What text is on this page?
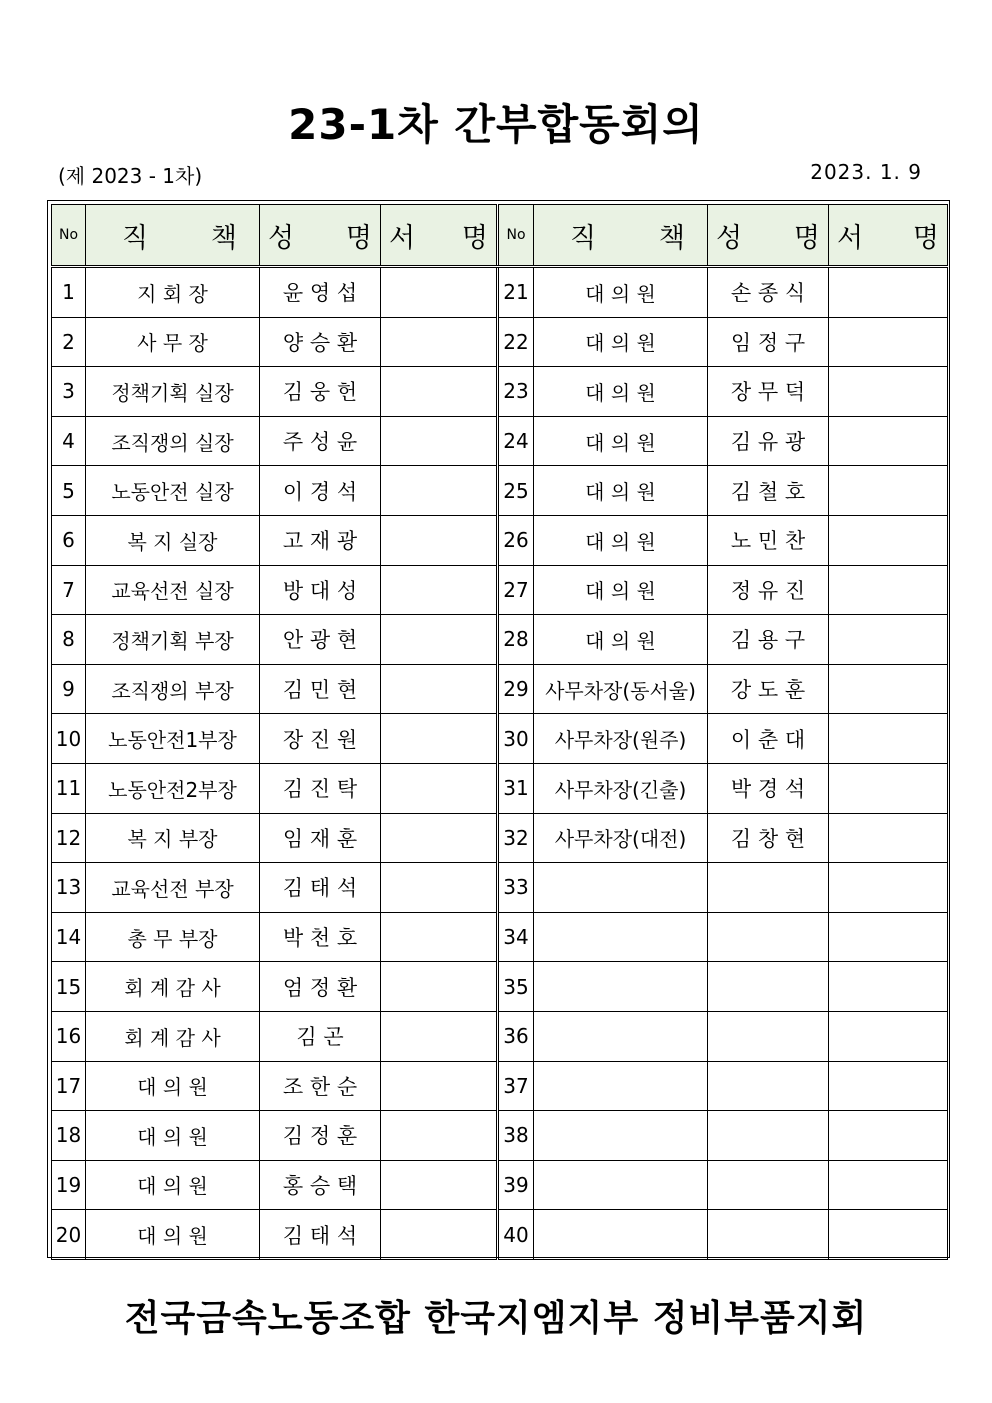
23-1차 간부합동회의
(제 2023 - 1차)	2023. 1. 9
No	직 책	성 명	서 명	No	직 책	성 명	서 명

1	지 회 장	윤 영 섭		21	대 의 원	손 종 식	
2	사 무 장	양 승 환		22	대 의 원	임 정 구	
3	정책기획 실장	김 웅 헌		23	대 의 원	장 무 덕	
4	조직쟁의 실장	주 성 윤		24	대 의 원	김 유 광	
5	노동안전 실장	이 경 석		25	대 의 원	김 철 호	
6	복 지 실장	고 재 광		26	대 의 원	노 민 찬	
7	교육선전 실장	방 대 성		27	대 의 원	정 유 진	
8	정책기획 부장	안 광 현		28	대 의 원	김 용 구	
9	조직쟁의 부장	김 민 현		29	사무차장(동서울)	강 도 훈	
10	노동안전1부장	장 진 원		30	사무차장(원주)	이 춘 대	
11	노동안전2부장	김 진 탁		31	사무차장(긴출)	박 경 석	
12	복 지 부장	임 재 훈		32	사무차장(대전)	김 창 현	
13	교육선전 부장	김 태 석		33			
14	총 무 부장	박 천 호		34			
15	회 계 감 사	엄 정 환		35			
16	회 계 감 사	김 곤		36			
17	대 의 원	조 한 순		37			
18	대 의 원	김 정 훈		38			
19	대 의 원	홍 승 택		39			
20	대 의 원	김 태 석		40			
전국금속노동조합 한국지엠지부 정비부품지회
